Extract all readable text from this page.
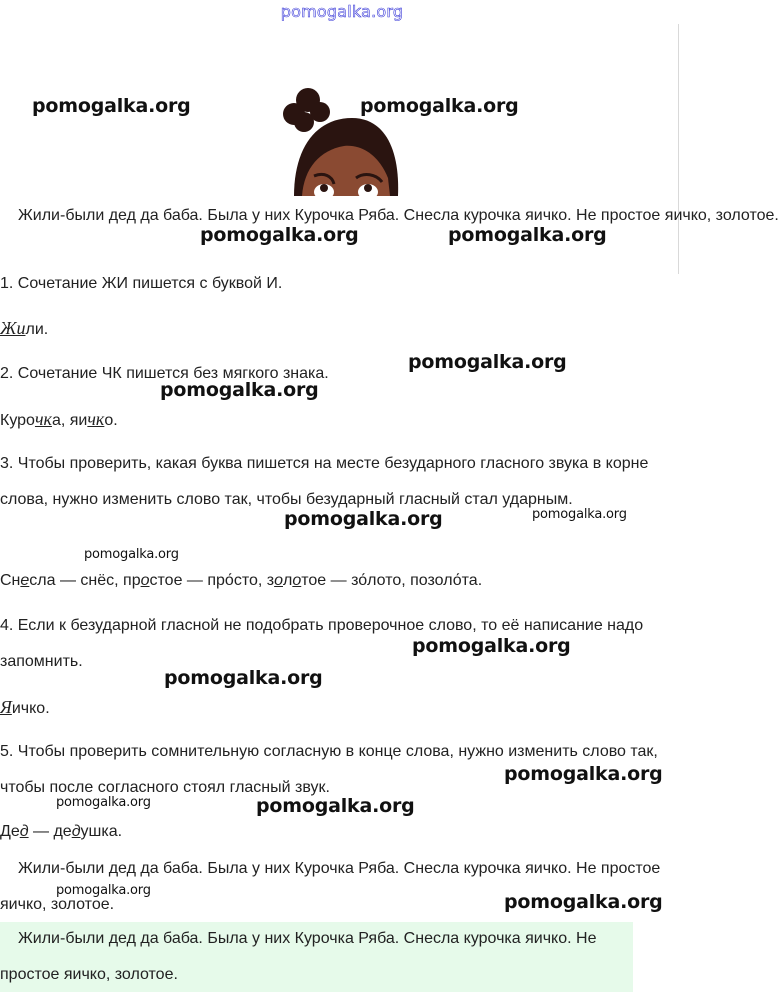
pomogalka.org
Жили-были дед да баба. Была у них Курочка Ряба. Снесла курочка яичко. Не простое яичко, золотое.
1. Сочетание ЖИ пишется с буквой И.
Жили.
2. Сочетание ЧК пишется без мягкого знака.
Курочка, яичко.
3. Чтобы проверить, какая буква пишется на месте безударного гласного звука в корне слова, нужно изменить слово так, чтобы безударный гласный стал ударным.
Снесла — снёс, простое — про́сто, золотое — зо́лото, позоло́та.
4. Если к безударной гласной не подобрать проверочное слово, то её написание надо запомнить.
Яичко.
5. Чтобы проверить сомнительную согласную в конце слова, нужно изменить слово так, чтобы после согласного стоял гласный звук.
Дед — дедушка.
Жили-были дед да баба. Была у них Курочка Ряба. Снесла курочка яичко. Не простое яичко, золотое.
Жили-были дед да баба. Была у них Курочка Ряба. Снесла курочка яичко. Не простое яичко, золотое.
pomogalka.org	pomogalka.org
pomogalka.org	pomogalka.org
pomogalka.org
pomogalka.org
pomogalka.org	pomogalka.org
pomogalka.org
pomogalka.org
pomogalka.org
pomogalka.org
pomogalka.org	pomogalka.org
pomogalka.org
pomogalka.org
